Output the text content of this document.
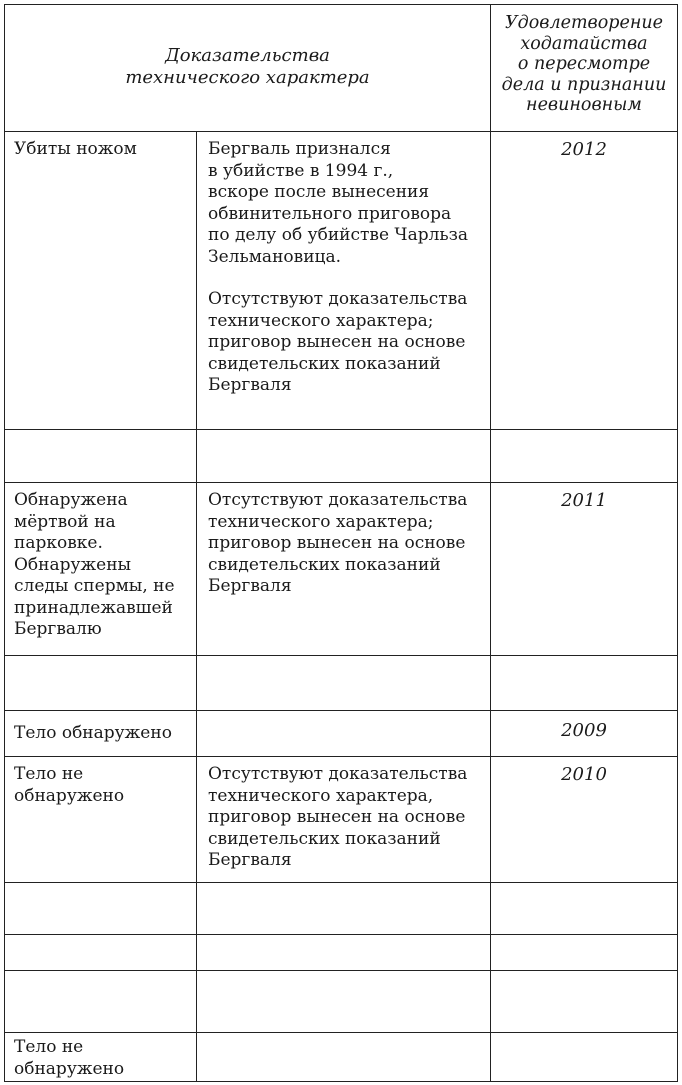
Доказательства
технического характера
Удовлетворение
ходатайства
о пересмотре
дела и признании
невиновным
Убиты ножом	Бергваль признался
в убийстве в 1994 г.,
вскоре после вынесения
обвинительного приговора
по делу об убийстве Чарльза
Зельмановица.
Отсутствуют доказательства
технического характера;
приговор вынесен на основе
свидетельских показаний
Бергваля
2012
Обнаружена
мёртвой на
парковке.
Обнаружены
следы спермы, не
принадлежавшей
Бергвалю
Отсутствуют доказательства
технического характера;
приговор вынесен на основе
свидетельских показаний
Бергваля
2011
Тело обнаружено	2009
Тело не
обнаружено
Отсутствуют доказательства
технического характера,
приговор вынесен на основе
свидетельских показаний
Бергваля
2010
Тело не
обнаружено
